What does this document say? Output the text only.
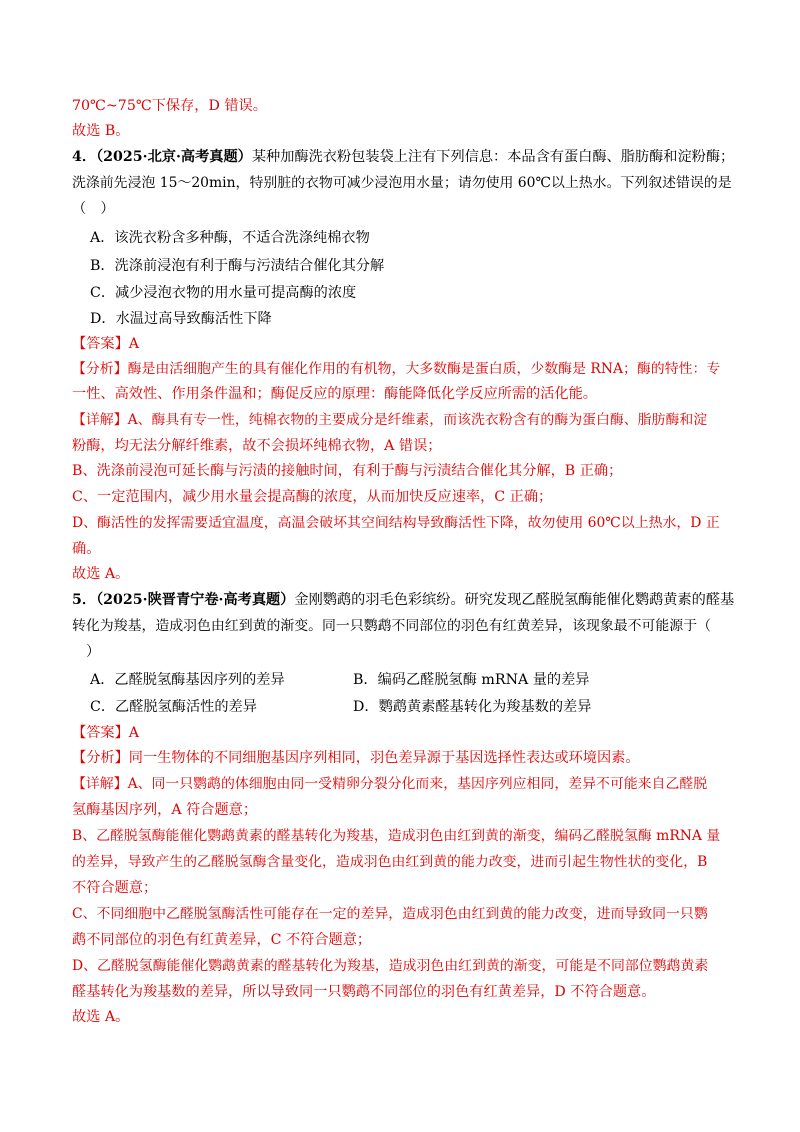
70℃~75℃下保存，D 错误。
故选 B。
4．（2025·北京·高考真题）某种加酶洗衣粉包装袋上注有下列信息：本品含有蛋白酶、脂肪酶和淀粉酶；
洗涤前先浸泡 15～20min，特别脏的衣物可减少浸泡用水量；请勿使用 60℃以上热水。下列叙述错误的是
（　）
A．该洗衣粉含多种酶，不适合洗涤纯棉衣物
B．洗涤前浸泡有利于酶与污渍结合催化其分解
C．减少浸泡衣物的用水量可提高酶的浓度
D．水温过高导致酶活性下降
【答案】A
【分析】酶是由活细胞产生的具有催化作用的有机物，大多数酶是蛋白质，少数酶是 RNA；酶的特性：专
一性、高效性、作用条件温和；酶促反应的原理：酶能降低化学反应所需的活化能。
【详解】A、酶具有专一性，纯棉衣物的主要成分是纤维素，而该洗衣粉含有的酶为蛋白酶、脂肪酶和淀
粉酶，均无法分解纤维素，故不会损坏纯棉衣物，A 错误；
B、洗涤前浸泡可延长酶与污渍的接触时间，有利于酶与污渍结合催化其分解，B 正确；
C、一定范围内，减少用水量会提高酶的浓度，从而加快反应速率，C 正确；
D、酶活性的发挥需要适宜温度，高温会破坏其空间结构导致酶活性下降，故勿使用 60℃以上热水，D 正
确。
故选 A。
5．（2025·陕晋青宁卷·高考真题）金刚鹦鹉的羽毛色彩缤纷。研究发现乙醛脱氢酶能催化鹦鹉黄素的醛基
转化为羧基，造成羽色由红到黄的渐变。同一只鹦鹉不同部位的羽色有红黄差异，该现象最不可能源于（
）
A．乙醛脱氢酶基因序列的差异	B．编码乙醛脱氢酶 mRNA 量的差异
C．乙醛脱氢酶活性的差异	D．鹦鹉黄素醛基转化为羧基数的差异
【答案】A
【分析】同一生物体的不同细胞基因序列相同，羽色差异源于基因选择性表达或环境因素。
【详解】A、同一只鹦鹉的体细胞由同一受精卵分裂分化而来，基因序列应相同，差异不可能来自乙醛脱
氢酶基因序列，A 符合题意；
B、乙醛脱氢酶能催化鹦鹉黄素的醛基转化为羧基，造成羽色由红到黄的渐变，编码乙醛脱氢酶 mRNA 量
的差异，导致产生的乙醛脱氢酶含量变化，造成羽色由红到黄的能力改变，进而引起生物性状的变化，B
不符合题意；
C、不同细胞中乙醛脱氢酶活性可能存在一定的差异，造成羽色由红到黄的能力改变，进而导致同一只鹦
鹉不同部位的羽色有红黄差异，C 不符合题意；
D、乙醛脱氢酶能催化鹦鹉黄素的醛基转化为羧基，造成羽色由红到黄的渐变，可能是不同部位鹦鹉黄素
醛基转化为羧基数的差异，所以导致同一只鹦鹉不同部位的羽色有红黄差异，D 不符合题意。
故选 A。
